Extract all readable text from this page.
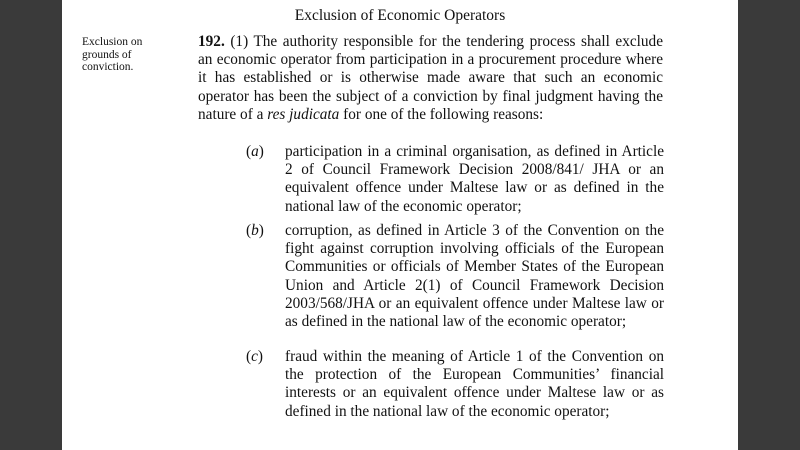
Exclusion of Economic Operators
Exclusion on grounds of conviction.
192. (1) The authority responsible for the tendering process shall exclude an economic operator from participation in a procurement procedure where it has established or is otherwise made aware that such an economic operator has been the subject of a conviction by final judgment having the nature of a res judicata for one of the following reasons:
(a)	participation in a criminal organisation, as defined in Article 2 of Council Framework Decision 2008/841/ JHA or an equivalent offence under Maltese law or as defined in the national law of the economic operator;
(b)	corruption, as defined in Article 3 of the Convention on the fight against corruption involving officials of the European Communities or officials of Member States of the European Union and Article 2(1) of Council Framework Decision 2003/568/JHA or an equivalent offence under Maltese law or as defined in the national law of the economic operator;
(c)	fraud within the meaning of Article 1 of the Convention on the protection of the European Communities’ financial interests or an equivalent offence under Maltese law or as defined in the national law of the economic operator;
